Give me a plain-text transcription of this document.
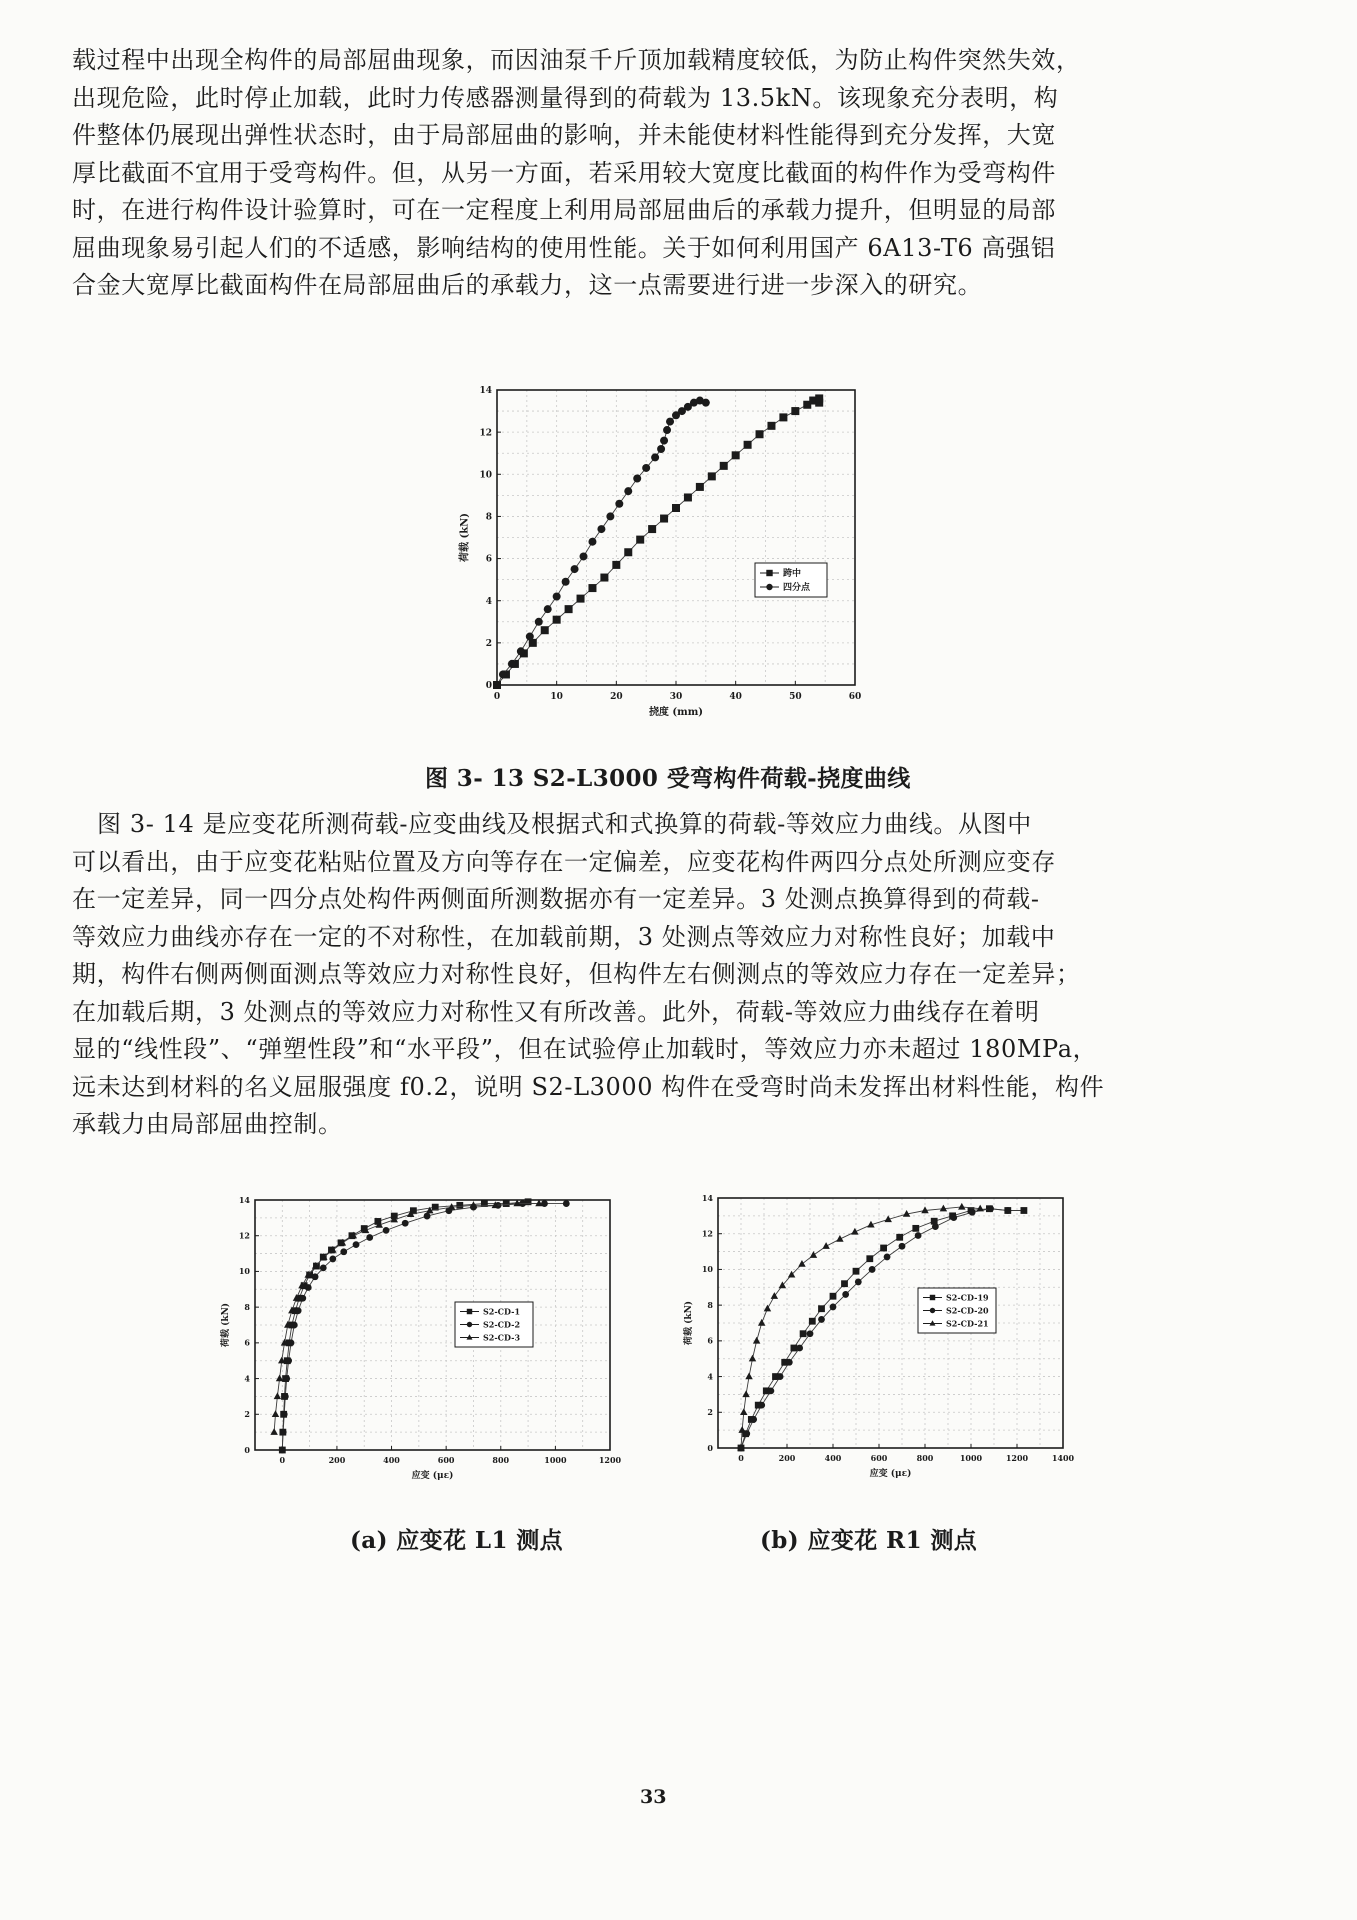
载过程中出现全构件的局部屈曲现象，而因油泵千斤顶加载精度较低，为防止构件突然失效，
出现危险，此时停止加载，此时力传感器测量得到的荷载为 13.5kN。该现象充分表明，构
件整体仍展现出弹性状态时，由于局部屈曲的影响，并未能使材料性能得到充分发挥，大宽
厚比截面不宜用于受弯构件。但，从另一方面，若采用较大宽度比截面的构件作为受弯构件
时，在进行构件设计验算时，可在一定程度上利用局部屈曲后的承载力提升，但明显的局部
屈曲现象易引起人们的不适感，影响结构的使用性能。关于如何利用国产 6A13-T6 高强铝
合金大宽厚比截面构件在局部屈曲后的承载力，这一点需要进行进一步深入的研究。
0	10	20	30	40	50	60
0
2
4
6
8
10
12
14
挠度 (mm)
荷载 (kN)
跨中
四分点
图 3- 13 S2-L3000 受弯构件荷载-挠度曲线
图 3- 14 是应变花所测荷载-应变曲线及根据式和式换算的荷载-等效应力曲线。从图中
可以看出，由于应变花粘贴位置及方向等存在一定偏差，应变花构件两四分点处所测应变存
在一定差异，同一四分点处构件两侧面所测数据亦有一定差异。3 处测点换算得到的荷载-
等效应力曲线亦存在一定的不对称性，在加载前期，3 处测点等效应力对称性良好；加载中
期，构件右侧两侧面测点等效应力对称性良好，但构件左右侧测点的等效应力存在一定差异；
在加载后期，3 处测点的等效应力对称性又有所改善。此外，荷载-等效应力曲线存在着明
显的“线性段”、“弹塑性段”和“水平段”，但在试验停止加载时，等效应力亦未超过 180MPa，
远未达到材料的名义屈服强度 f0.2，说明 S2-L3000 构件在受弯时尚未发挥出材料性能，构件
承载力由局部屈曲控制。
0	200	400	600	800	1000	1200
0
2
4
6
8
10
12
14
应变 (με)
荷载 (kN)	S2-CD-1
S2-CD-2
S2-CD-3
0	200	400	600	800	1000	1200	1400
0
2
4
6
8
10
12
14
应变 (με)
荷载 (kN)
S2-CD-19
S2-CD-20
S2-CD-21
(a) 应变花 L1 测点	(b) 应变花 R1 测点
33
